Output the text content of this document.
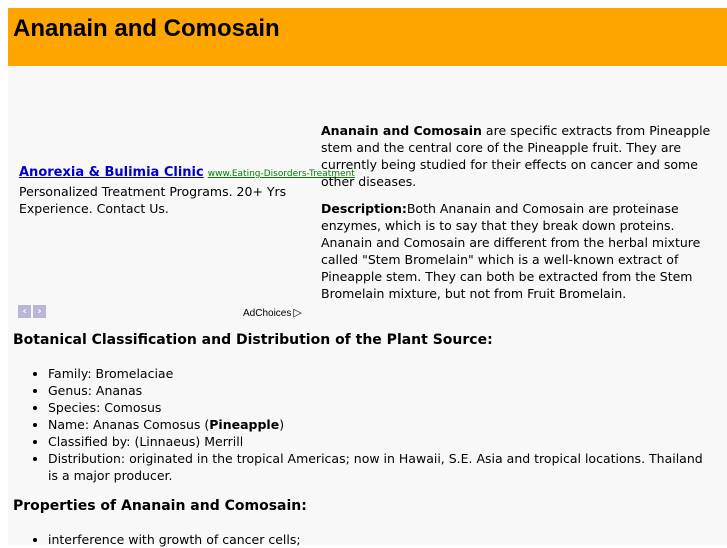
Ananain and Comosain
Anorexia & Bulimia Clinic www.Eating-Disorders-Treatment
Personalized Treatment Programs. 20+ Yrs Experience. Contact Us.
‹	›	AdChoices ▷

Ananain and Comosain are specific extracts from Pineapple stem and the central core of the Pineapple fruit. They are currently being studied for their effects on cancer and some other diseases.

Description:Both Ananain and Comosain are proteinase enzymes, which is to say that they break down proteins. Ananain and Comosain are different from the herbal mixture called "Stem Bromelain" which is a well-known extract of Pineapple stem. They can both be extracted from the Stem Bromelain mixture, but not from Fruit Bromelain.

Botanical Classification and Distribution of the Plant Source:
• Family: Bromelaciae
• Genus: Ananas
• Species: Comosus
• Name: Ananas Comosus (Pineapple)
• Classified by: (Linnaeus) Merrill
• Distribution: originated in the tropical Americas; now in Hawaii, S.E. Asia and tropical locations. Thailand is a major producer.
Properties of Ananain and Comosain:
• interference with growth of cancer cells;
